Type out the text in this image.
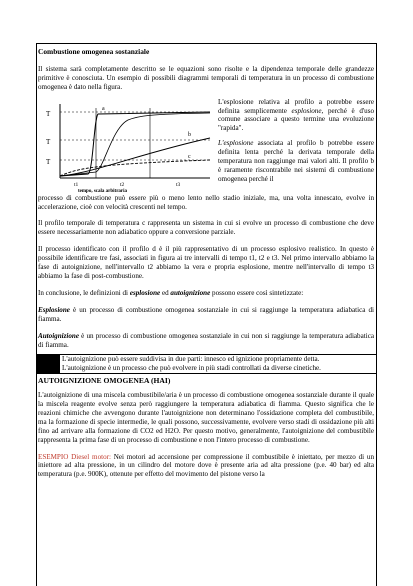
Combustione omogenea sostanziale

Il sistema sarà completamente descritto se le equazioni sono risolte e la dipendenza temporale delle grandezze primitive è conosciuta. Un esempio di possibili diagrammi temporali di temperatura in un processo di combustione omogenea è dato nella figura.

T
T
T
a
b
c
t1	t2	t3
tempo, scala arbitraria

L'esplosione relativa al profilo a potrebbe essere definita semplicemente esplosione, perché è d'uso comune associare a questo termine una evoluzione "rapida".

L'esplosione associata al profilo b potrebbe essere definita lenta perché la derivata temporale della temperatura non raggiunge mai valori alti. Il profilo b è raramente riscontrabile nei sistemi di combustione omogenea perché il

processo di combustione può essere più o meno lento nello stadio iniziale, ma, una volta innescato, evolve in accelerazione, cioè con velocità crescenti nel tempo.

Il profilo temporale di temperatura c rappresenta un sistema in cui si evolve un processo di combustione che deve essere necessariamente non adiabatico oppure a conversione parziale.

Il processo identificato con il profilo d è il più rappresentativo di un processo esplosivo realistico. In questo è possibile identificare tre fasi, associati in figura ai tre intervalli di tempo t1, t2 e t3. Nel primo intervallo abbiamo la fase di autoignizione, nell'intervallo t2 abbiamo la vera e propria esplosione, mentre nell'intervallo di tempo t3 abbiamo la fase di post-combustione.

In conclusione, le definizioni di esplosione ed autoignizione possono essere così sintetizzate:

Esplosione è un processo di combustione omogenea sostanziale in cui si raggiunge la temperatura adiabatica di fiamma.

Autoignizione è un processo di combustione omogenea sostanziale in cui non si raggiunge la temperatura adiabatica di fiamma.

• L'autoignizione può essere suddivisa in due parti: innesco ed ignizione propriamente detta.
• L'autoignizione è un processo che può evolvere in più stadi controllati da diverse cinetiche.

AUTOIGNIZIONE OMOGENEA (HAI)

L'autoignizione di una miscela combustibile/aria è un processo di combustione omogenea sostanziale durante il quale la miscela reagente evolve senza però raggiungere la temperatura adiabatica di fiamma. Questo significa che le reazioni chimiche che avvengono durante l'autoignizione non determinano l'ossidazione completa del combustibile, ma la formazione di specie intermedie, le quali possono, successivamente, evolvere verso stadi di ossidazione più alti fino ad arrivare alla formazione di CO2 ed H2O. Per questo motivo, generalmente, l'autoignizione del combustibile rappresenta la prima fase di un processo di combustione e non l'intero processo di combustione.

ESEMPIO Diesel motor: Nei motori ad accensione per compressione il combustibile è iniettato, per mezzo di un iniettore ad alta pressione, in un cilindro del motore dove è presente aria ad alta pressione (p.e. 40 bar) ed alta temperatura (p.e. 900K), ottenute per effetto del movimento del pistone verso la
